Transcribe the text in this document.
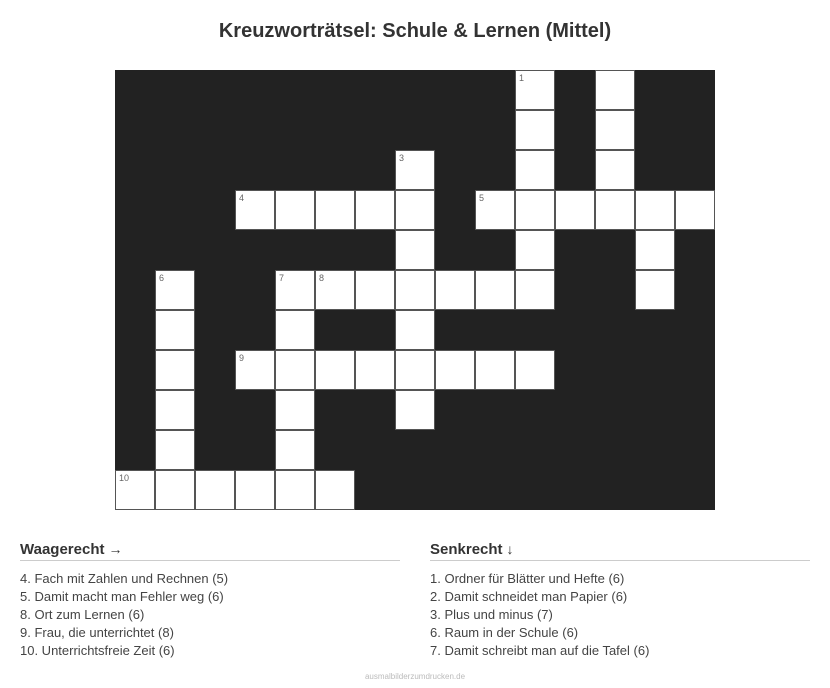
Kreuzworträtsel: Schule & Lernen (Mittel)
1
3
4	5
6	7	8
9
10
Waagerecht →
4. Fach mit Zahlen und Rechnen (5)
5. Damit macht man Fehler weg (6)
8. Ort zum Lernen (6)
9. Frau, die unterrichtet (8)
10. Unterrichtsfreie Zeit (6)
Senkrecht ↓
1. Ordner für Blätter und Hefte (6)
2. Damit schneidet man Papier (6)
3. Plus und minus (7)
6. Raum in der Schule (6)
7. Damit schreibt man auf die Tafel (6)
ausmalbilderzumdrucken.de
